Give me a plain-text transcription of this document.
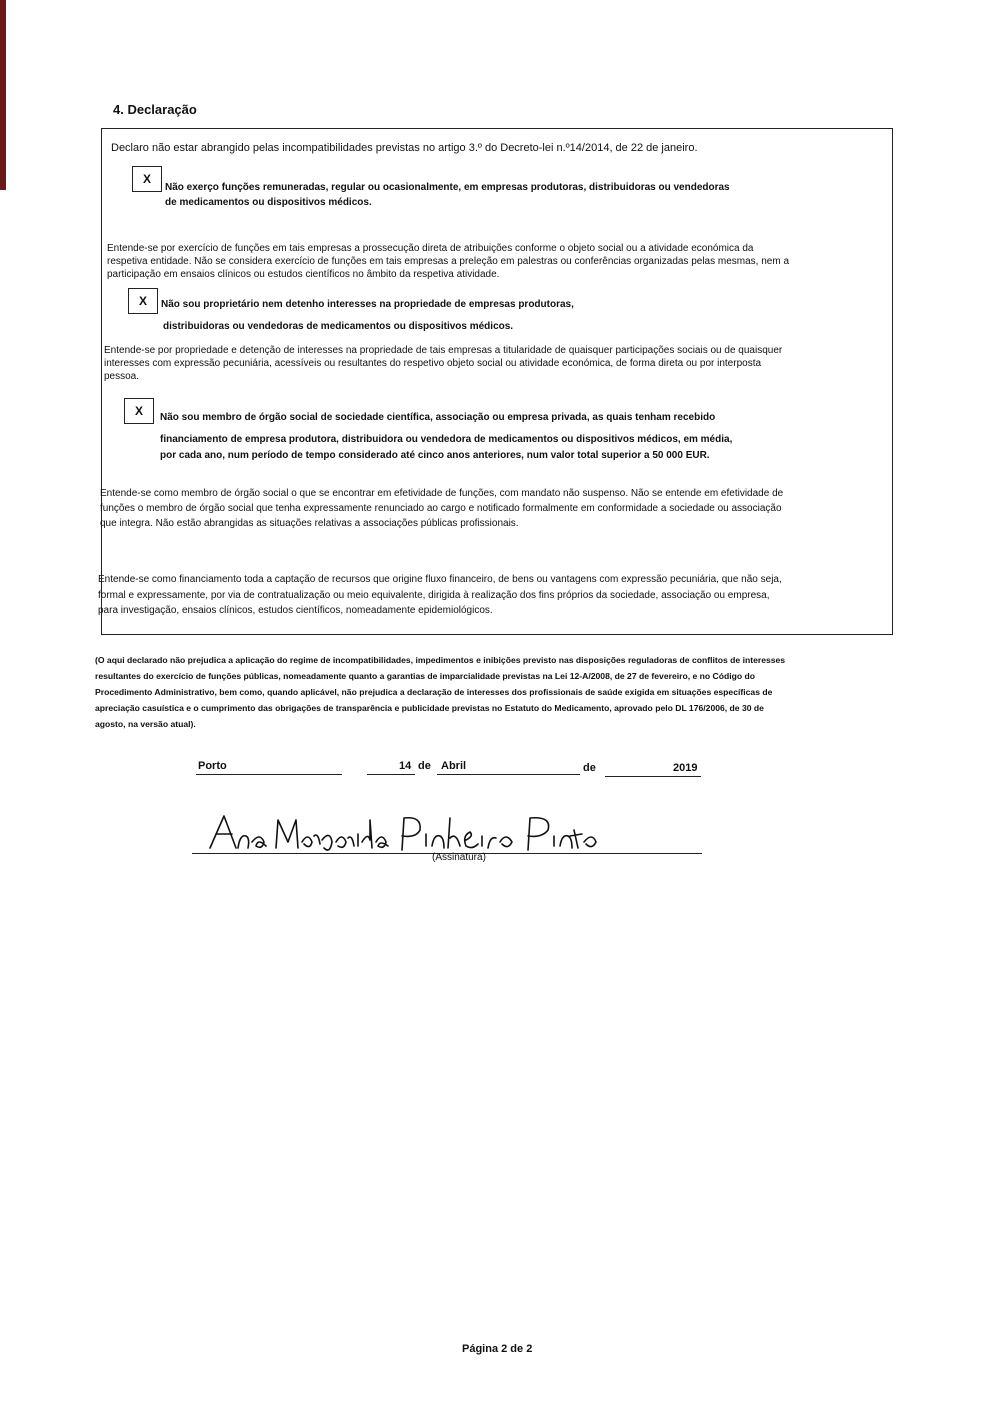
4. Declaração
Declaro não estar abrangido pelas incompatibilidades previstas no artigo 3.º do Decreto-lei n.º14/2014, de 22 de janeiro.
X
Não exerço funções remuneradas, regular ou ocasionalmente, em empresas produtoras, distribuidoras ou vendedoras
de medicamentos ou dispositivos médicos.
Entende-se por exercício de funções em tais empresas a prossecução direta de atribuições conforme o objeto social ou a atividade económica da
respetiva entidade. Não se considera exercício de funções em tais empresas a preleção em palestras ou conferências organizadas pelas mesmas, nem a
participação em ensaios clínicos ou estudos científicos no âmbito da respetiva atividade.
X Não sou proprietário nem detenho interesses na propriedade de empresas produtoras,
distribuidoras ou vendedoras de medicamentos ou dispositivos médicos.
Entende-se por propriedade e detenção de interesses na propriedade de tais empresas a titularidade de quaisquer participações sociais ou de quaisquer
interesses com expressão pecuniária, acessíveis ou resultantes do respetivo objeto social ou atividade económica, de forma direta ou por interposta
pessoa.
X Não sou membro de órgão social de sociedade científica, associação ou empresa privada, as quais tenham recebido
financiamento de empresa produtora, distribuidora ou vendedora de medicamentos ou dispositivos médicos, em média,
por cada ano, num período de tempo considerado até cinco anos anteriores, num valor total superior a 50 000 EUR.
Entende-se como membro de órgão social o que se encontrar em efetividade de funções, com mandato não suspenso. Não se entende em efetividade de
funções o membro de órgão social que tenha expressamente renunciado ao cargo e notificado formalmente em conformidade a sociedade ou associação
que integra. Não estão abrangidas as situações relativas a associações públicas profissionais.
Entende-se como financiamento toda a captação de recursos que origine fluxo financeiro, de bens ou vantagens com expressão pecuniária, que não seja,
formal e expressamente, por via de contratualização ou meio equivalente, dirigida à realização dos fins próprios da sociedade, associação ou empresa,
para investigação, ensaios clínicos, estudos científicos, nomeadamente epidemiológicos.
(O aqui declarado não prejudica a aplicação do regime de incompatibilidades, impedimentos e inibições previsto nas disposições reguladoras de conflitos de interesses
resultantes do exercício de funções públicas, nomeadamente quanto a garantias de imparcialidade previstas na Lei 12-A/2008, de 27 de fevereiro, e no Código do
Procedimento Administrativo, bem como, quando aplicável, não prejudica a declaração de interesses dos profissionais de saúde exigida em situações específicas de
apreciação casuística e o cumprimento das obrigações de transparência e publicidade previstas no Estatuto do Medicamento, aprovado pelo DL 176/2006, de 30 de
agosto, na versão atual).
Porto	14 de Abril	de	2019
(Assinatura)
Página 2 de 2
